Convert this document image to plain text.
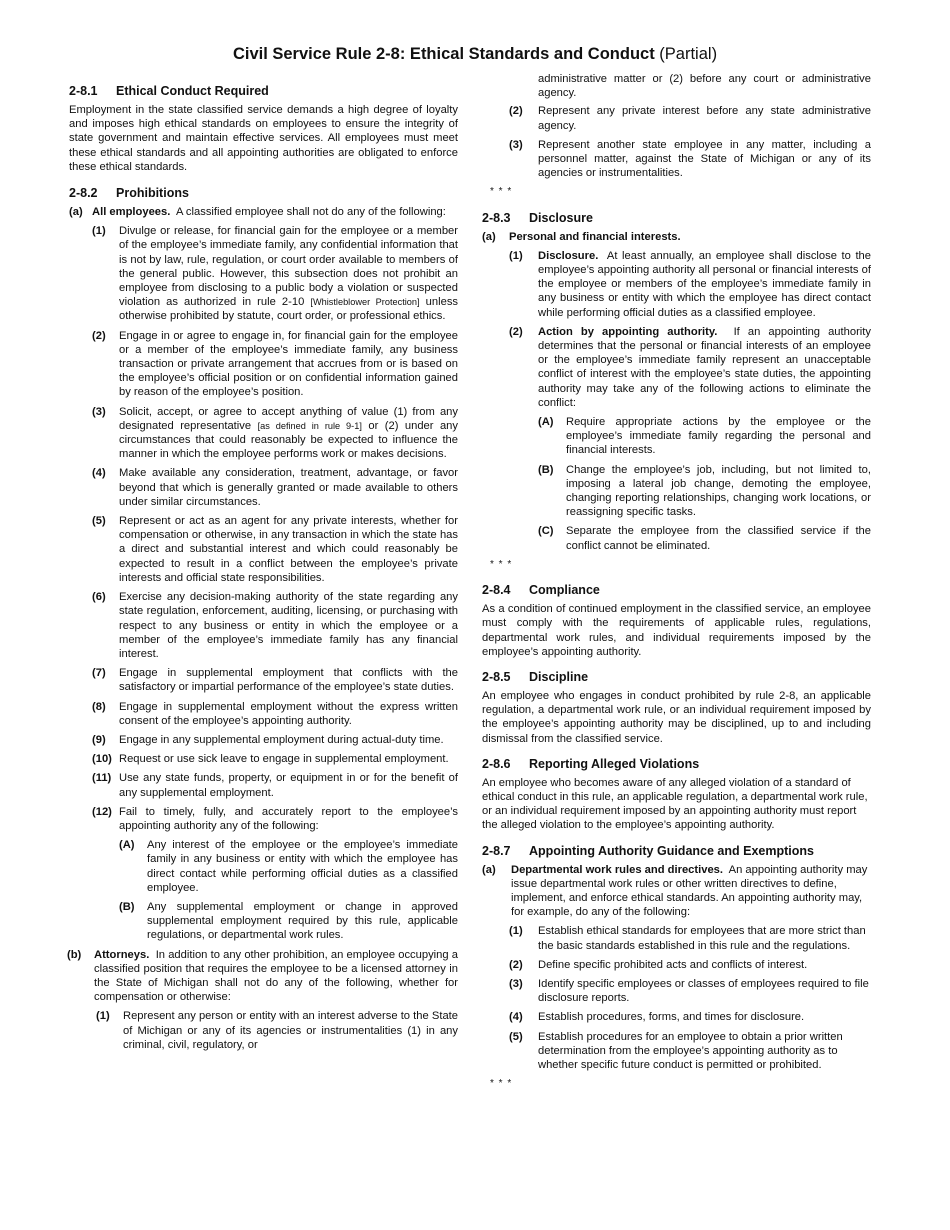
Civil Service Rule 2-8: Ethical Standards and Conduct (Partial)
2-8.1 Ethical Conduct Required

Employment in the state classified service demands a high degree of loyalty and imposes high ethical standards on employees to ensure the integrity of state government and maintain effective services. All employees must meet these ethical standards and all appointing authorities are obligated to enforce these ethical standards.

2-8.2 Prohibitions
(a) All employees. A classified employee shall not do any of the following:
(1)	Divulge or release, for financial gain for the employee or a member of the employee’s immediate family, any confidential information that is not by law, rule, regulation, or court order available to members of the general public. However, this subsection does not prohibit an employee from disclosing to a public body a violation or suspected violation as authorized in rule 2-10 [Whistleblower Protection] unless otherwise prohibited by statute, court order, or professional ethics.
(2)	Engage in or agree to engage in, for financial gain for the employee or a member of the employee’s immediate family, any business transaction or private arrangement that accrues from or is based on the employee’s official position or on confidential information gained by reason of the employee’s position.
(3)	Solicit, accept, or agree to accept anything of value (1) from any designated representative [as defined in rule 9-1] or (2) under any circumstances that could reasonably be expected to influence the manner in which the employee performs work or makes decisions.
(4)	Make available any consideration, treatment, advantage, or favor beyond that which is generally granted or made available to others under similar circumstances.
(5)	Represent or act as an agent for any private interests, whether for compensation or otherwise, in any transaction in which the state has a direct and substantial interest and which could reasonably be expected to result in a conflict between the employee’s private interests and official state responsibilities.
(6)	Exercise any decision-making authority of the state regarding any state regulation, enforcement, auditing, licensing, or purchasing with respect to any business or entity in which the employee or a member of the employee’s immediate family has any financial interest.
(7)	Engage in supplemental employment that conflicts with the satisfactory or impartial performance of the employee’s state duties.
(8)	Engage in supplemental employment without the express written consent of the employee’s appointing authority.
(9)	Engage in any supplemental employment during actual-duty time.
(10) Request or use sick leave to engage in supplemental employment.
(11) Use any state funds, property, or equipment in or for the benefit of any supplemental employment.
(12) Fail to timely, fully, and accurately report to the employee’s appointing authority any of the following:
(A)	Any interest of the employee or the employee’s immediate family in any business or entity with which the employee has direct contact while performing official duties as a classified employee.
(B)	Any supplemental employment or change in approved supplemental employment required by this rule, applicable regulations, or departmental work rules.
(b)	Attorneys. In addition to any other prohibition, an employee occupying a classified position that requires the employee to be a licensed attorney in the State of Michigan shall not do any of the following, whether for compensation or otherwise:
(1)	Represent any person or entity with an interest adverse to the State of Michigan or any of its agencies or instrumentalities (1) in any criminal, civil, regulatory, or
administrative matter or (2) before any court or administrative agency.
(2)	Represent any private interest before any state administrative agency.
(3)	Represent another state employee in any matter, including a personnel matter, against the State of Michigan or any of its agencies or instrumentalities.
* * *
2-8.3 Disclosure
(a)	Personal and financial interests.
(1)	Disclosure. At least annually, an employee shall disclose to the employee’s appointing authority all personal or financial interests of the employee or members of the employee’s immediate family in any business or entity with which the employee has direct contact while performing official duties as a classified employee.
(2)	Action by appointing authority. If an appointing authority determines that the personal or financial interests of an employee or the employee’s immediate family represent an unacceptable conflict of interest with the employee’s state duties, the appointing authority may take any of the following actions to eliminate the conflict:
(A)	Require appropriate actions by the employee or the employee’s immediate family regarding the personal and financial interests.
(B)	Change the employee’s job, including, but not limited to, imposing a lateral job change, demoting the employee, changing reporting relationships, changing work locations, or reassigning specific tasks.
(C)	Separate the employee from the classified service if the conflict cannot be eliminated.
* * *
2-8.4 Compliance

As a condition of continued employment in the classified service, an employee must comply with the requirements of applicable rules, regulations, departmental work rules, and individual requirements imposed by the employee’s appointing authority.

2-8.5 Discipline

An employee who engages in conduct prohibited by rule 2-8, an applicable regulation, a departmental work rule, or an individual requirement imposed by the employee’s appointing authority may be disciplined, up to and including dismissal from the classified service.

2-8.6 Reporting Alleged Violations

An employee who becomes aware of any alleged violation of a standard of ethical conduct in this rule, an applicable regulation, a departmental work rule, or an individual requirement imposed by an appointing authority must report the alleged violation to the employee’s appointing authority.

2-8.7 Appointing Authority Guidance and Exemptions
(a)	Departmental work rules and directives. An appointing authority may issue departmental work rules or other written directives to define, implement, and enforce ethical standards. An appointing authority may, for example, do any of the following:
(1)	Establish ethical standards for employees that are more strict than the basic standards established in this rule and the regulations.
(2)	Define specific prohibited acts and conflicts of interest.
(3)	Identify specific employees or classes of employees required to file disclosure reports.
(4)	Establish procedures, forms, and times for disclosure.
(5)	Establish procedures for an employee to obtain a prior written determination from the employee’s appointing authority as to whether specific future conduct is permitted or prohibited.
* * *
